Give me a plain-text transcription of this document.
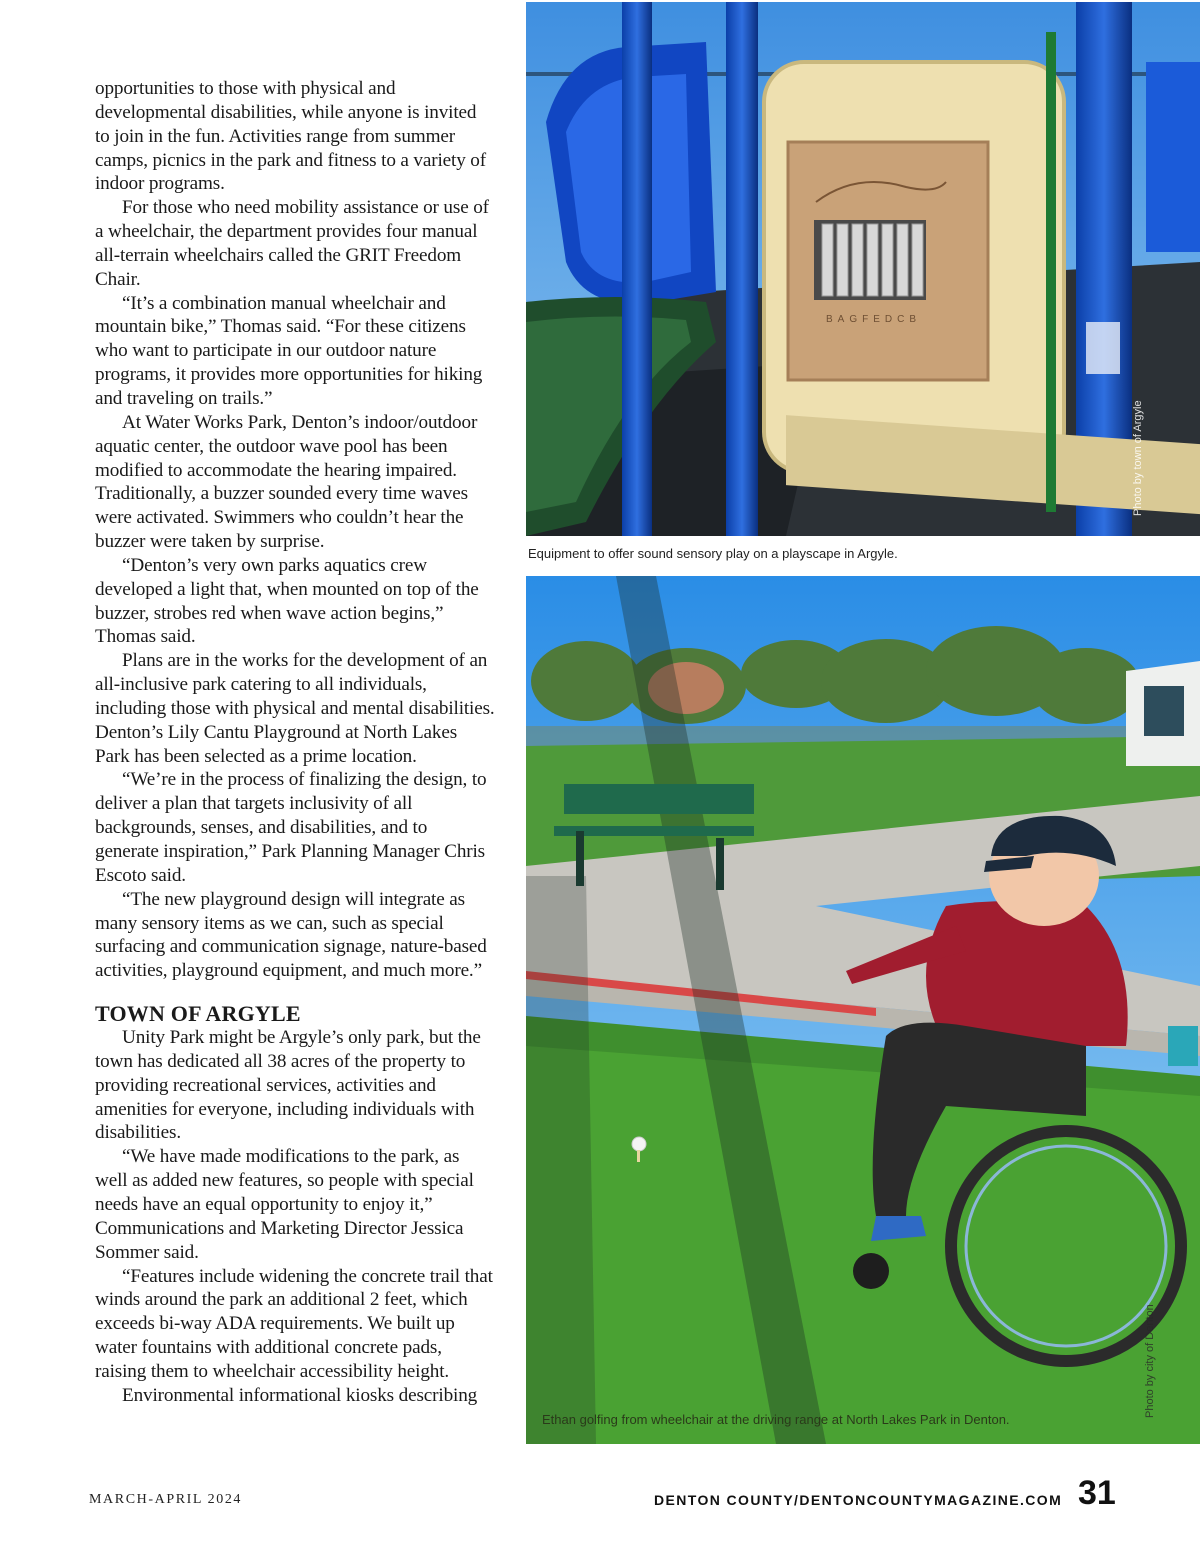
opportunities to those with physical and developmental disabilities, while anyone is invited to join in the fun. Activities range from summer camps, picnics in the park and fitness to a variety of indoor programs.

For those who need mobility assistance or use of a wheelchair, the department provides four manual all-terrain wheelchairs called the GRIT Freedom Chair.

“It’s a combination manual wheelchair and mountain bike,” Thomas said. “For these citizens who want to participate in our outdoor nature programs, it provides more opportunities for hiking and traveling on trails.”

At Water Works Park, Denton’s indoor/outdoor aquatic center, the outdoor wave pool has been modified to accommodate the hearing impaired. Traditionally, a buzzer sounded every time waves were activated. Swimmers who couldn’t hear the buzzer were taken by surprise.

“Denton’s very own parks aquatics crew developed a light that, when mounted on top of the buzzer, strobes red when wave action begins,” Thomas said.

Plans are in the works for the development of an all-inclusive park catering to all individuals, including those with physical and mental disabilities. Denton’s Lily Cantu Playground at North Lakes Park has been selected as a prime location.

“We’re in the process of finalizing the design, to deliver a plan that targets inclusivity of all backgrounds, senses, and disabilities, and to generate inspiration,” Park Planning Manager Chris Escoto said.

“The new playground design will integrate as many sensory items as we can, such as special surfacing and communication signage, nature-based activities, playground equipment, and much more.”

TOWN OF ARGYLE

Unity Park might be Argyle’s only park, but the town has dedicated all 38 acres of the property to providing recreational services, activities and amenities for everyone, including individuals with disabilities.

“We have made modifications to the park, as well as added new features, so people with special needs have an equal opportunity to enjoy it,” Communications and Marketing Director Jessica Sommer said.

“Features include widening the concrete trail that winds around the park an additional 2 feet, which exceeds bi-way ADA requirements. We built up water fountains with additional concrete pads, raising them to wheelchair accessibility height.

Environmental informational kiosks describing

BAGFEDCB
Photo by town of Argyle
Equipment to offer sound sensory play on a playscape in Argyle.
Photo by city of Denton
Ethan golfing from wheelchair at the driving range at North Lakes Park in Denton.
MARCH-APRIL 2024	DENTON COUNTY/DENTONCOUNTYMAGAZINE.COM 31
